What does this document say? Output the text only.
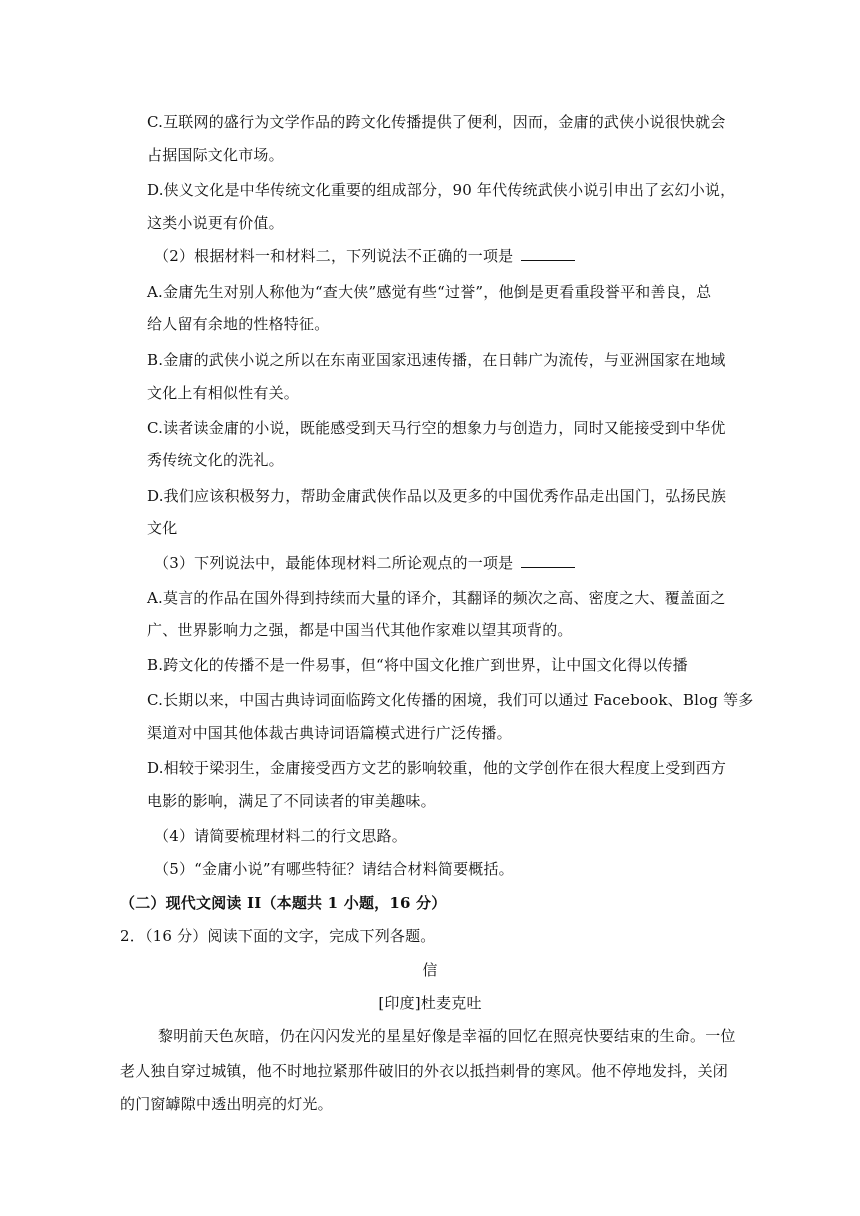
C.互联网的盛行为文学作品的跨文化传播提供了便利，因而，金庸的武侠小说很快就会
占据国际文化市场。
D.侠义文化是中华传统文化重要的组成部分，90 年代传统武侠小说引申出了玄幻小说，
这类小说更有价值。
（2）根据材料一和材料二，下列说法不正确的一项是
A.金庸先生对别人称他为“查大侠”感觉有些“过誉”，他倒是更看重段誉平和善良，总
给人留有余地的性格特征。
B.金庸的武侠小说之所以在东南亚国家迅速传播，在日韩广为流传，与亚洲国家在地域
文化上有相似性有关。
C.读者读金庸的小说，既能感受到天马行空的想象力与创造力，同时又能接受到中华优
秀传统文化的洗礼。
D.我们应该积极努力，帮助金庸武侠作品以及更多的中国优秀作品走出国门，弘扬民族
文化
（3）下列说法中，最能体现材料二所论观点的一项是
A.莫言的作品在国外得到持续而大量的译介，其翻译的频次之高、密度之大、覆盖面之
广、世界影响力之强，都是中国当代其他作家难以望其项背的。
B.跨文化的传播不是一件易事，但“将中国文化推广到世界，让中国文化得以传播
C.长期以来，中国古典诗词面临跨文化传播的困境，我们可以通过 Facebook、Blog 等多
渠道对中国其他体裁古典诗词语篇模式进行广泛传播。
D.相较于梁羽生，金庸接受西方文艺的影响较重，他的文学创作在很大程度上受到西方
电影的影响，满足了不同读者的审美趣味。
（4）请简要梳理材料二的行文思路。
（5）“金庸小说”有哪些特征？请结合材料简要概括。
（二）现代文阅读 II（本题共 1 小题，16 分）
2．（16 分）阅读下面的文字，完成下列各题。
信
[印度]杜麦克吐
黎明前天色灰暗，仍在闪闪发光的星星好像是幸福的回忆在照亮快要结束的生命。一位
老人独自穿过城镇，他不时地拉紧那件破旧的外衣以抵挡刺骨的寒风。他不停地发抖，关闭
的门窗罅隙中透出明亮的灯光。
